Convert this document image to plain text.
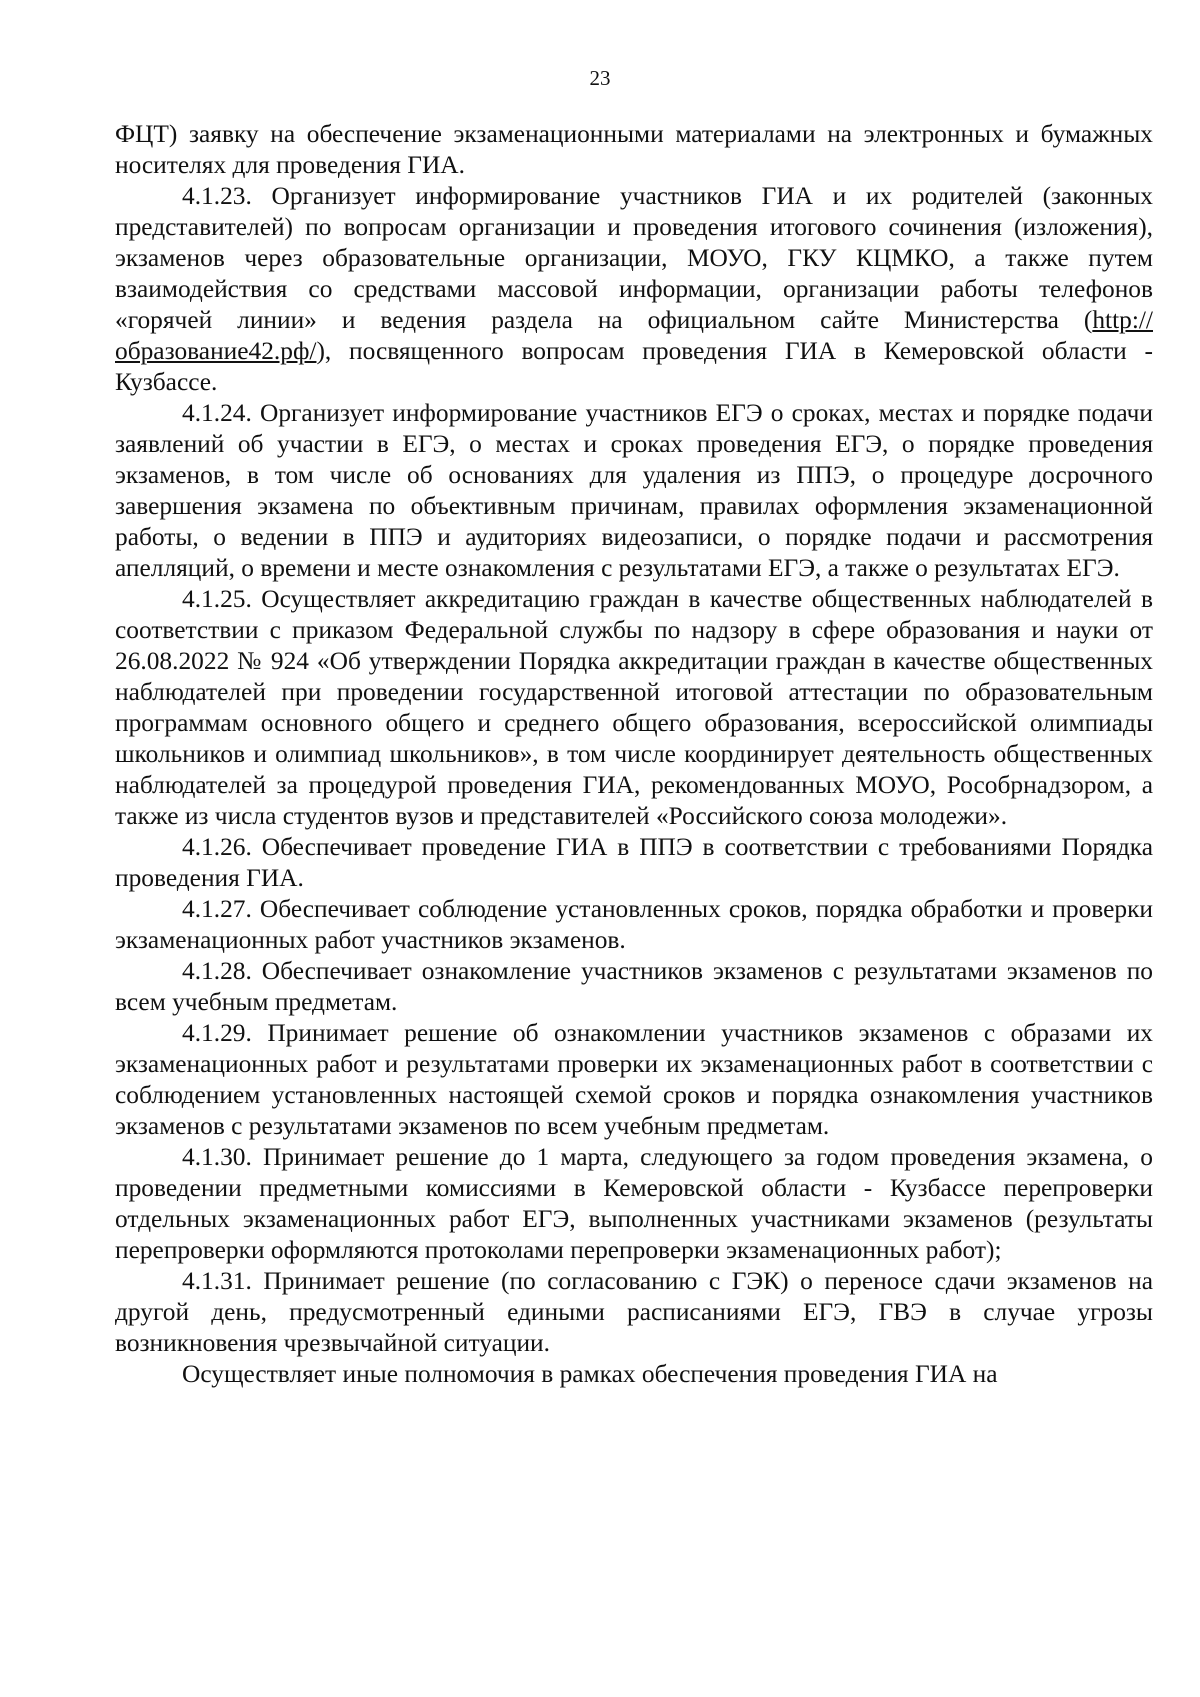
23

ФЦТ) заявку на обеспечение экзаменационными материалами на электронных и бумажных носителях для проведения ГИА.

4.1.23. Организует информирование участников ГИА и их родителей (законных представителей) по вопросам организации и проведения итогового сочинения (изложения), экзаменов через образовательные организации, МОУО, ГКУ КЦМКО, а также путем взаимодействия со средствами массовой информации, организации работы телефонов «горячей линии» и ведения раздела на официальном сайте Министерства (http://образование42.рф/), посвященного вопросам проведения ГИА в Кемеровской области - Кузбассе.

4.1.24. Организует информирование участников ЕГЭ о сроках, местах и порядке подачи заявлений об участии в ЕГЭ, о местах и сроках проведения ЕГЭ, о порядке проведения экзаменов, в том числе об основаниях для удаления из ППЭ, о процедуре досрочного завершения экзамена по объективным причинам, правилах оформления экзаменационной работы, о ведении в ППЭ и аудиториях видеозаписи, о порядке подачи и рассмотрения апелляций, о времени и месте ознакомления с результатами ЕГЭ, а также о результатах ЕГЭ.

4.1.25. Осуществляет аккредитацию граждан в качестве общественных наблюдателей в соответствии с приказом Федеральной службы по надзору в сфере образования и науки от 26.08.2022 № 924 «Об утверждении Порядка аккредитации граждан в качестве общественных наблюдателей при проведении государственной итоговой аттестации по образовательным программам основного общего и среднего общего образования, всероссийской олимпиады школьников и олимпиад школьников», в том числе координирует деятельность общественных наблюдателей за процедурой проведения ГИА, рекомендованных МОУО, Рособрнадзором, а также из числа студентов вузов и представителей «Российского союза молодежи».

4.1.26. Обеспечивает проведение ГИА в ППЭ в соответствии с требованиями Порядка проведения ГИА.

4.1.27. Обеспечивает соблюдение установленных сроков, порядка обработки и проверки экзаменационных работ участников экзаменов.

4.1.28. Обеспечивает ознакомление участников экзаменов с результатами экзаменов по всем учебным предметам.

4.1.29. Принимает решение об ознакомлении участников экзаменов с образами их экзаменационных работ и результатами проверки их экзаменационных работ в соответствии с соблюдением установленных настоящей схемой сроков и порядка ознакомления участников экзаменов с результатами экзаменов по всем учебным предметам.

4.1.30. Принимает решение до 1 марта, следующего за годом проведения экзамена, о проведении предметными комиссиями в Кемеровской области - Кузбассе перепроверки отдельных экзаменационных работ ЕГЭ, выполненных участниками экзаменов (результаты перепроверки оформляются протоколами перепроверки экзаменационных работ);

4.1.31. Принимает решение (по согласованию с ГЭК) о переносе сдачи экзаменов на другой день, предусмотренный едиными расписаниями ЕГЭ, ГВЭ в случае угрозы возникновения чрезвычайной ситуации.

Осуществляет иные полномочия в рамках обеспечения проведения ГИА на
